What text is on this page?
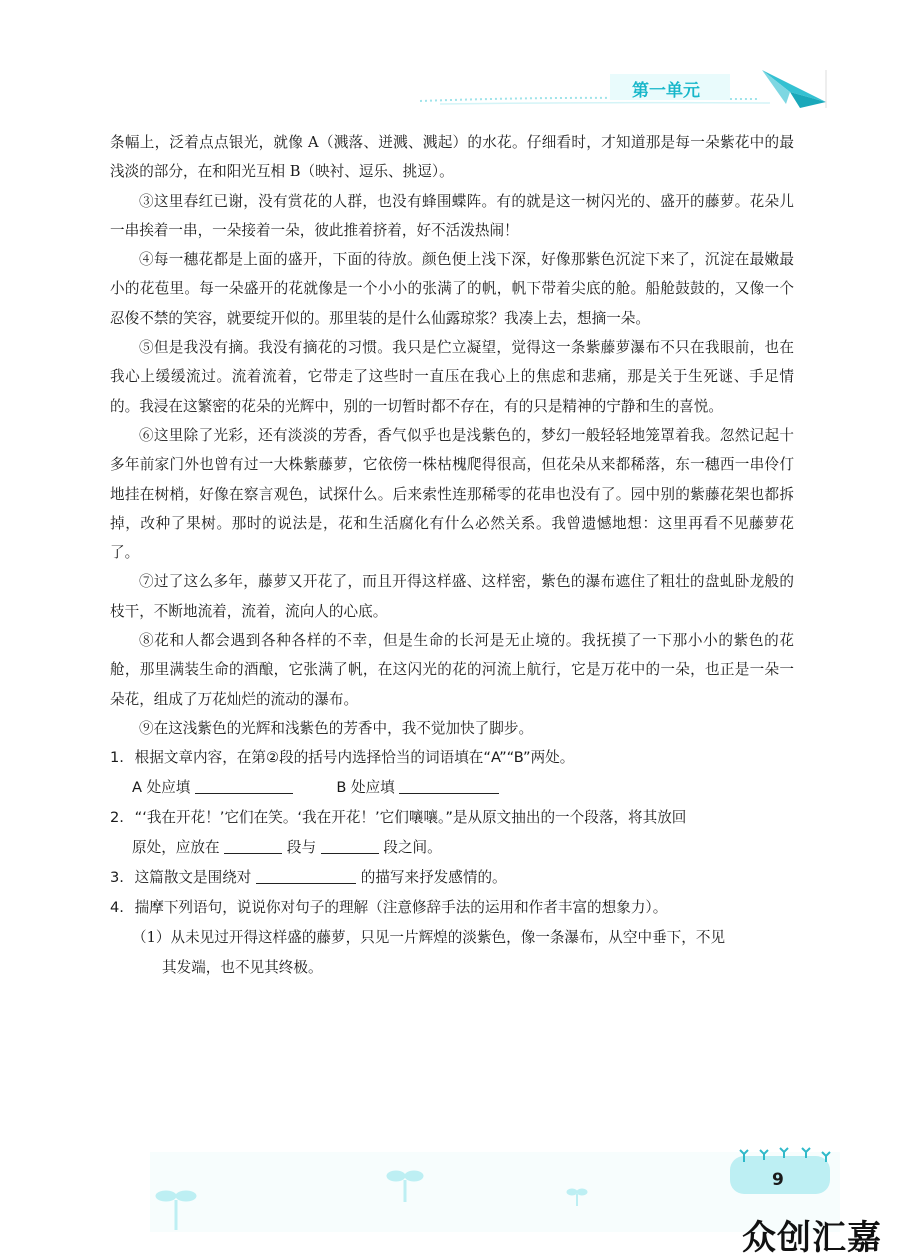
第一单元

条幅上，泛着点点银光，就像 A（溅落、迸溅、溅起）的水花。仔细看时，才知道那是每一朵紫花中的最浅淡的部分，在和阳光互相 B（映衬、逗乐、挑逗）。

③这里春红已谢，没有赏花的人群，也没有蜂围蝶阵。有的就是这一树闪光的、盛开的藤萝。花朵儿一串挨着一串，一朵接着一朵，彼此推着挤着，好不活泼热闹！

④每一穗花都是上面的盛开，下面的待放。颜色便上浅下深，好像那紫色沉淀下来了，沉淀在最嫩最小的花苞里。每一朵盛开的花就像是一个小小的张满了的帆，帆下带着尖底的舱。船舱鼓鼓的，又像一个忍俊不禁的笑容，就要绽开似的。那里装的是什么仙露琼浆？我凑上去，想摘一朵。

⑤但是我没有摘。我没有摘花的习惯。我只是伫立凝望，觉得这一条紫藤萝瀑布不只在我眼前，也在我心上缓缓流过。流着流着，它带走了这些时一直压在我心上的焦虑和悲痛，那是关于生死谜、手足情的。我浸在这繁密的花朵的光辉中，别的一切暂时都不存在，有的只是精神的宁静和生的喜悦。

⑥这里除了光彩，还有淡淡的芳香，香气似乎也是浅紫色的，梦幻一般轻轻地笼罩着我。忽然记起十多年前家门外也曾有过一大株紫藤萝，它依傍一株枯槐爬得很高，但花朵从来都稀落，东一穗西一串伶仃地挂在树梢，好像在察言观色，试探什么。后来索性连那稀零的花串也没有了。园中别的紫藤花架也都拆掉，改种了果树。那时的说法是，花和生活腐化有什么必然关系。我曾遗憾地想：这里再看不见藤萝花了。

⑦过了这么多年，藤萝又开花了，而且开得这样盛、这样密，紫色的瀑布遮住了粗壮的盘虬卧龙般的枝干，不断地流着，流着，流向人的心底。

⑧花和人都会遇到各种各样的不幸，但是生命的长河是无止境的。我抚摸了一下那小小的紫色的花舱，那里满装生命的酒酿，它张满了帆，在这闪光的花的河流上航行，它是万花中的一朵，也正是一朵一朵花，组成了万花灿烂的流动的瀑布。

⑨在这浅紫色的光辉和浅紫色的芳香中，我不觉加快了脚步。

1. 根据文章内容，在第②段的括号内选择恰当的词语填在“A”“B”两处。
A 处应填	B 处应填
2. “‘我在开花！’它们在笑。‘我在开花！’它们嚷嚷。”是从原文抽出的一个段落，将其放回
原处，应放在	段与	段之间。
3. 这篇散文是围绕对	的描写来抒发感情的。
4. 揣摩下列语句，说说你对句子的理解（注意修辞手法的运用和作者丰富的想象力）。
（1）从未见过开得这样盛的藤萝，只见一片辉煌的淡紫色，像一条瀑布，从空中垂下，不见
其发端，也不见其终极。
9
众创汇嘉
